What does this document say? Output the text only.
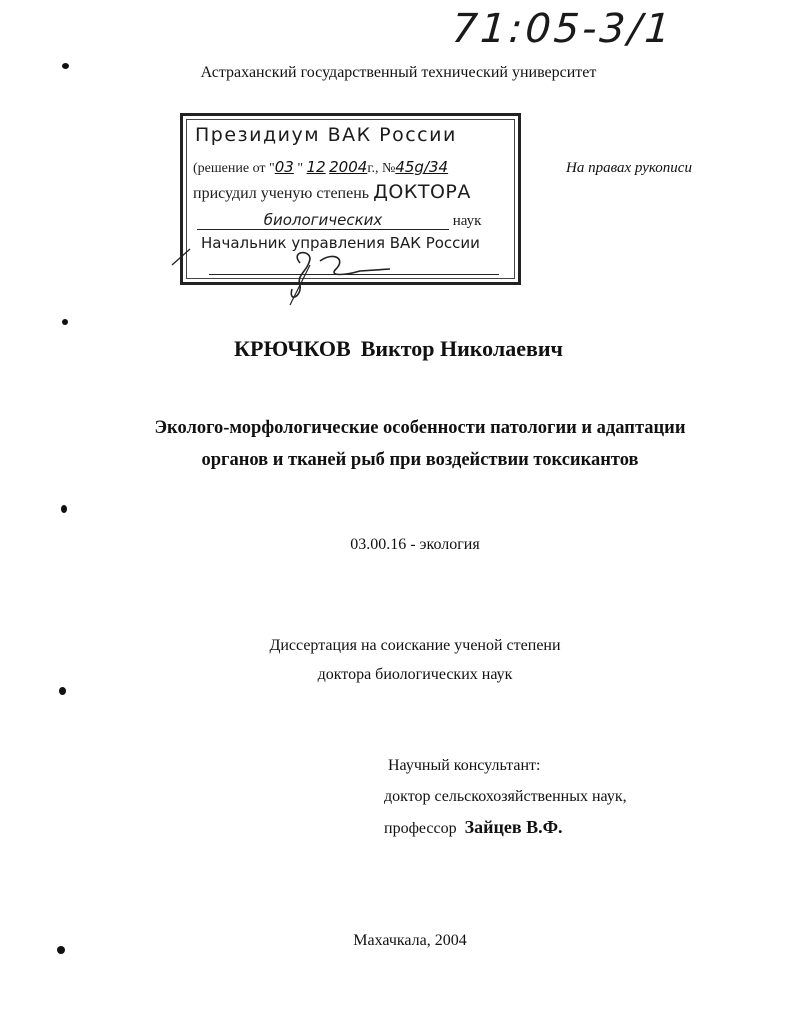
71:05-3/1
Астраханский государственный технический университет
Президиум ВАК России
(решение от "03 " 12 2004г., №45g/34
присудил ученую степень ДОКТОРА
биологических	наук
Начальник управления ВАК России
На правах рукописи
КРЮЧКОВ Виктор Николаевич
Эколого-морфологические особенности патологии и адаптации
органов и тканей рыб при воздействии токсикантов
03.00.16 - экология
Диссертация на соискание ученой степени
доктора биологических наук
Научный консультант:
доктор сельскохозяйственных наук,
профессор Зайцев В.Ф.
Махачкала, 2004
